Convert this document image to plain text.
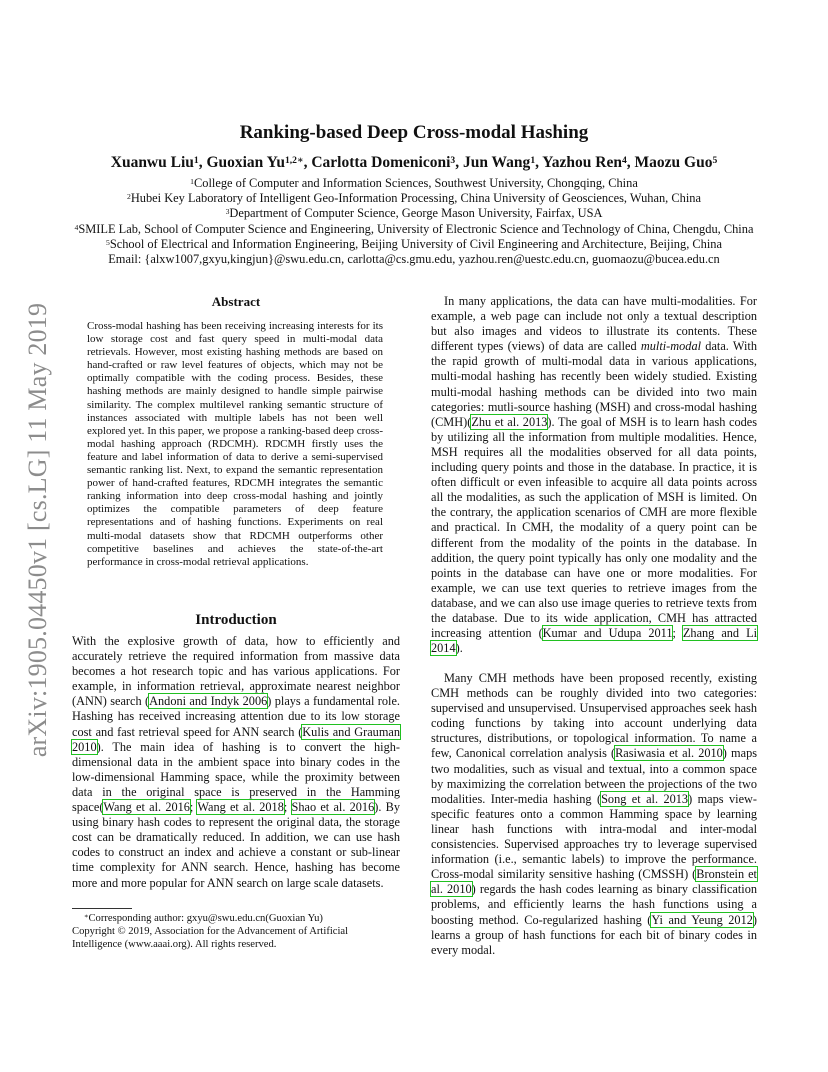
arXiv:1905.04450v1 [cs.LG] 11 May 2019
Ranking-based Deep Cross-modal Hashing
Xuanwu Liu$^1$, Guoxian $Yu^{1,2∗}$, Carlotta Domeniconi$^3$, Jun Wang$^1$, Yazhou Ren$^4$, Maozu Guo$^5$
$^1$College of Computer and Information Sciences, Southwest University, Chongqing, China
$^2$Hubei Key Laboratory of Intelligent Geo-Information Processing, China University of Geosciences, Wuhan, China
$^3$Department of Computer Science, George Mason University, Fairfax, USA
$^4$SMILE Lab, School of Computer Science and Engineering, University of Electronic Science and Technology of China, Chengdu, China
$^5$School of Electrical and Information Engineering, Beijing University of Civil Engineering and Architecture, Beijing, China
Email: {alxw1007,gxyu,kingjun}@swu.edu.cn, carlotta@cs.gmu.edu, yazhou.ren@uestc.edu.cn, guomaozu@bucea.edu.cn
Abstract
Cross-modal hashing has been receiving increasing interests for its low storage cost and fast query speed in multi-modal data retrievals. However, most existing hashing methods are based on hand-crafted or raw level features of objects, which may not be optimally compatible with the coding process. Besides, these hashing methods are mainly designed to handle simple pairwise similarity. The complex multilevel ranking semantic structure of instances associated with multiple labels has not been well explored yet. In this paper, we propose a ranking-based deep cross-modal hashing approach (RDCMH). RDCMH firstly uses the feature and label information of data to derive a semi-supervised semantic ranking list. Next, to expand the semantic representation power of hand-crafted features, RDCMH integrates the semantic ranking information into deep cross-modal hashing and jointly optimizes the compatible parameters of deep feature representations and of hashing functions. Experiments on real multi-modal datasets show that RDCMH outperforms other competitive baselines and achieves the state-of-the-art performance in cross-modal retrieval applications.
Introduction
With the explosive growth of data, how to efficiently and accurately retrieve the required information from massive data becomes a hot research topic and has various applications. For example, in information retrieval, approximate nearest neighbor (ANN) search (Andoni and Indyk 2006) plays a fundamental role. Hashing has received increasing attention due to its low storage cost and fast retrieval speed for ANN search (Kulis and Grauman 2010). The main idea of hashing is to convert the high-dimensional data in the ambient space into binary codes in the low-dimensional Hamming space, while the proximity between data in the original space is preserved in the Hamming space(Wang et al. 2016; Wang et al. 2018; Shao et al. 2016). By using binary hash codes to represent the original data, the storage cost can be dramatically reduced. In addition, we can use hash codes to construct an index and achieve a constant or sub-linear time complexity for ANN search. Hence, hashing has become more and more popular for ANN search on large scale datasets.
∗Corresponding author: gxyu@swu.edu.cn(Guoxian Yu)
Copyright © 2019, Association for the Advancement of Artificial Intelligence (www.aaai.org). All rights reserved.
In many applications, the data can have multi-modalities. For example, a web page can include not only a textual description but also images and videos to illustrate its contents. These different types (views) of data are called multi-modal data. With the rapid growth of multi-modal data in various applications, multi-modal hashing has recently been widely studied. Existing multi-modal hashing methods can be divided into two main categories: mutli-source hashing (MSH) and cross-modal hashing (CMH)(Zhu et al. 2013). The goal of MSH is to learn hash codes by utilizing all the information from multiple modalities. Hence, MSH requires all the modalities observed for all data points, including query points and those in the database. In practice, it is often difficult or even infeasible to acquire all data points across all the modalities, as such the application of MSH is limited. On the contrary, the application scenarios of CMH are more flexible and practical. In CMH, the modality of a query point can be different from the modality of the points in the database. In addition, the query point typically has only one modality and the points in the database can have one or more modalities. For example, we can use text queries to retrieve images from the database, and we can also use image queries to retrieve texts from the database. Due to its wide application, CMH has attracted increasing attention (Kumar and Udupa 2011; Zhang and Li 2014).
Many CMH methods have been proposed recently, existing CMH methods can be roughly divided into two categories: supervised and unsupervised. Unsupervised approaches seek hash coding functions by taking into account underlying data structures, distributions, or topological information. To name a few, Canonical correlation analysis (Rasiwasia et al. 2010) maps two modalities, such as visual and textual, into a common space by maximizing the correlation between the projections of the two modalities. Inter-media hashing (Song et al. 2013) maps view-specific features onto a common Hamming space by learning linear hash functions with intra-modal and inter-modal consistencies. Supervised approaches try to leverage supervised information (i.e., semantic labels) to improve the performance. Cross-modal similarity sensitive hashing (CMSSH) (Bronstein et al. 2010) regards the hash codes learning as binary classification problems, and efficiently learns the hash functions using a boosting method. Co-regularized hashing (Yi and Yeung 2012) learns a group of hash functions for each bit of binary codes in every modal.
